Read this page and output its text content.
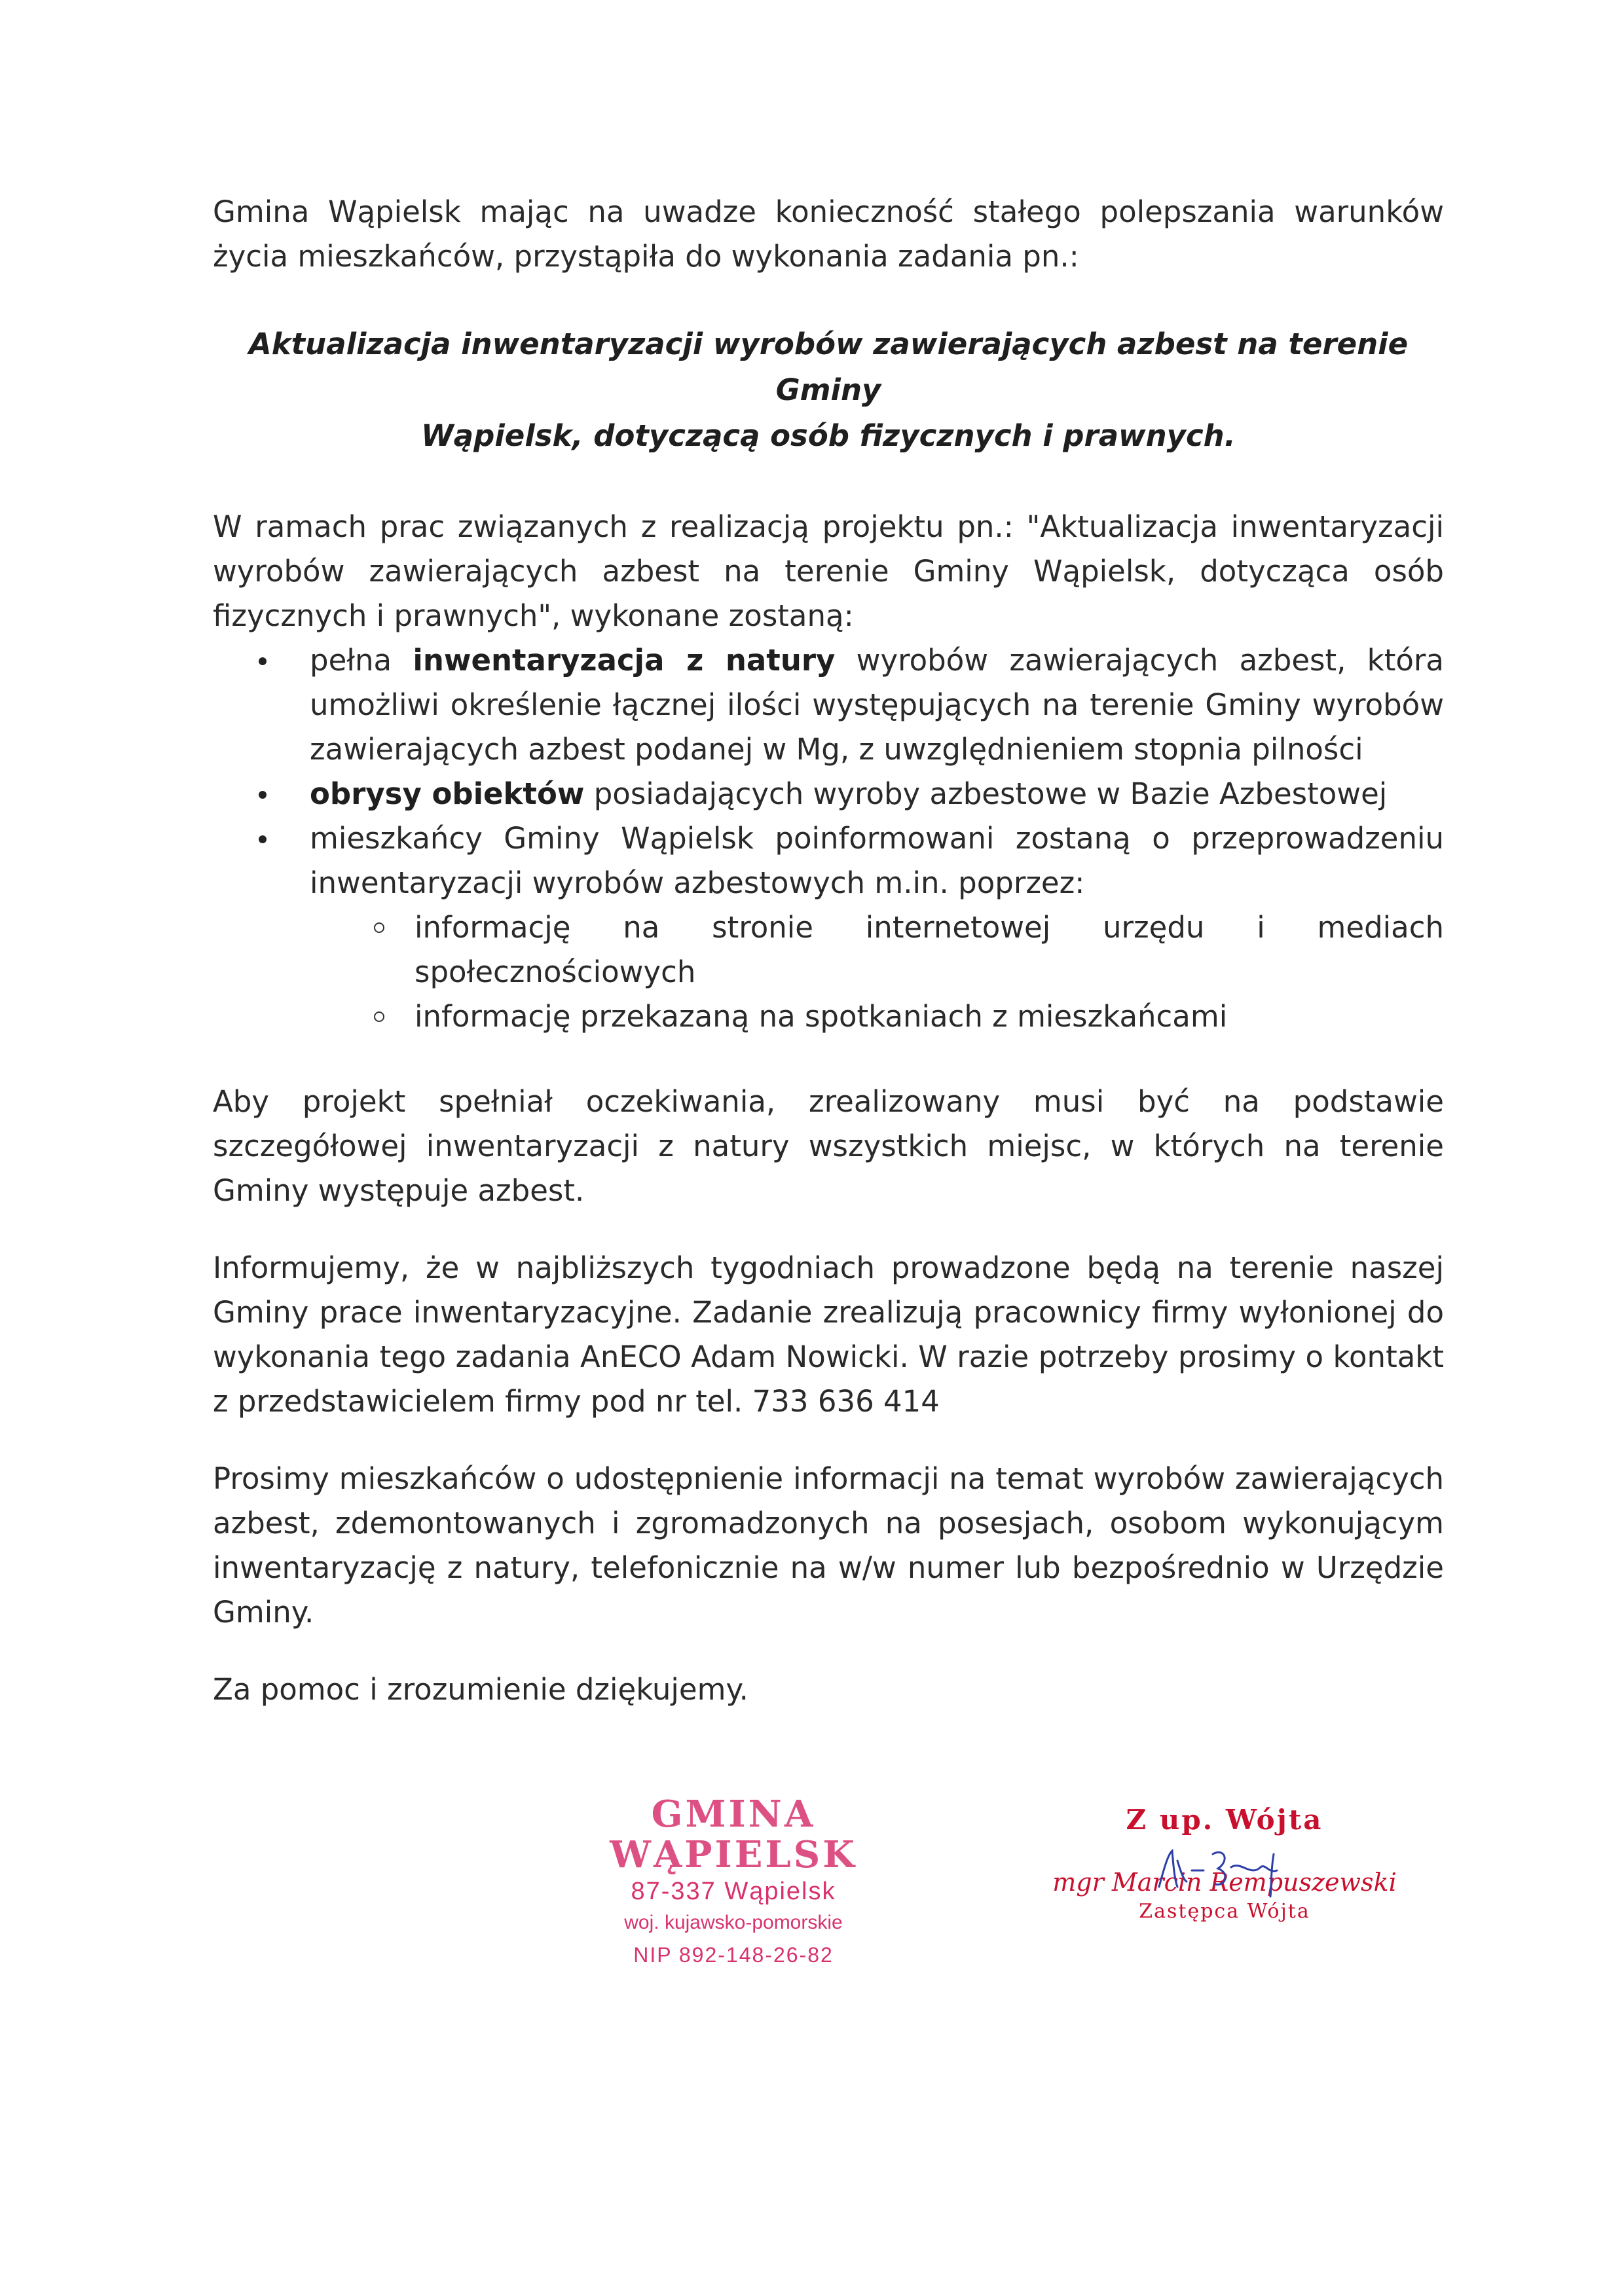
Gmina Wąpielsk mając na uwadze konieczność stałego polepszania warunków życia mieszkańców, przystąpiła do wykonania zadania pn.:

Aktualizacja inwentaryzacji wyrobów zawierających azbest na terenie Gminy
Wąpielsk, dotyczącą osób fizycznych i prawnych.

W ramach prac związanych z realizacją projektu pn.: "Aktualizacja inwentaryzacji wyrobów zawierających azbest na terenie Gminy Wąpielsk, dotycząca osób fizycznych i prawnych", wykonane zostaną:

pełna inwentaryzacja z natury wyrobów zawierających azbest, która umożliwi określenie łącznej ilości występujących na terenie Gminy wyrobów zawierających azbest podanej w Mg, z uwzględnieniem stopnia pilności
obrysy obiektów posiadających wyroby azbestowe w Bazie Azbestowej
mieszkańcy Gminy Wąpielsk poinformowani zostaną o przeprowadzeniu inwentaryzacji wyrobów azbestowych m.in. poprzez:
informację na stronie internetowej urzędu i mediach społecznościowych
informację przekazaną na spotkaniach z mieszkańcami

Aby projekt spełniał oczekiwania, zrealizowany musi być na podstawie szczegółowej inwentaryzacji z natury wszystkich miejsc, w których na terenie Gminy występuje azbest.

Informujemy, że w najbliższych tygodniach prowadzone będą na terenie naszej Gminy prace inwentaryzacyjne. Zadanie zrealizują pracownicy firmy wyłonionej do wykonania tego zadania AnECO Adam Nowicki. W razie potrzeby prosimy o kontakt z przedstawicielem firmy pod nr tel. 733 636 414

Prosimy mieszkańców o udostępnienie informacji na temat wyrobów zawierających azbest, zdemontowanych i zgromadzonych na posesjach, osobom wykonującym inwentaryzację z natury, telefonicznie na w/w numer lub bezpośrednio w Urzędzie Gminy.

Za pomoc i zrozumienie dziękujemy.

GMINA WĄPIELSK
87-337 Wąpielsk
woj. kujawsko-pomorskie
NIP 892-148-26-82
Z up. Wójta
mgr Marcin Rempuszewski
Zastępca Wójta
